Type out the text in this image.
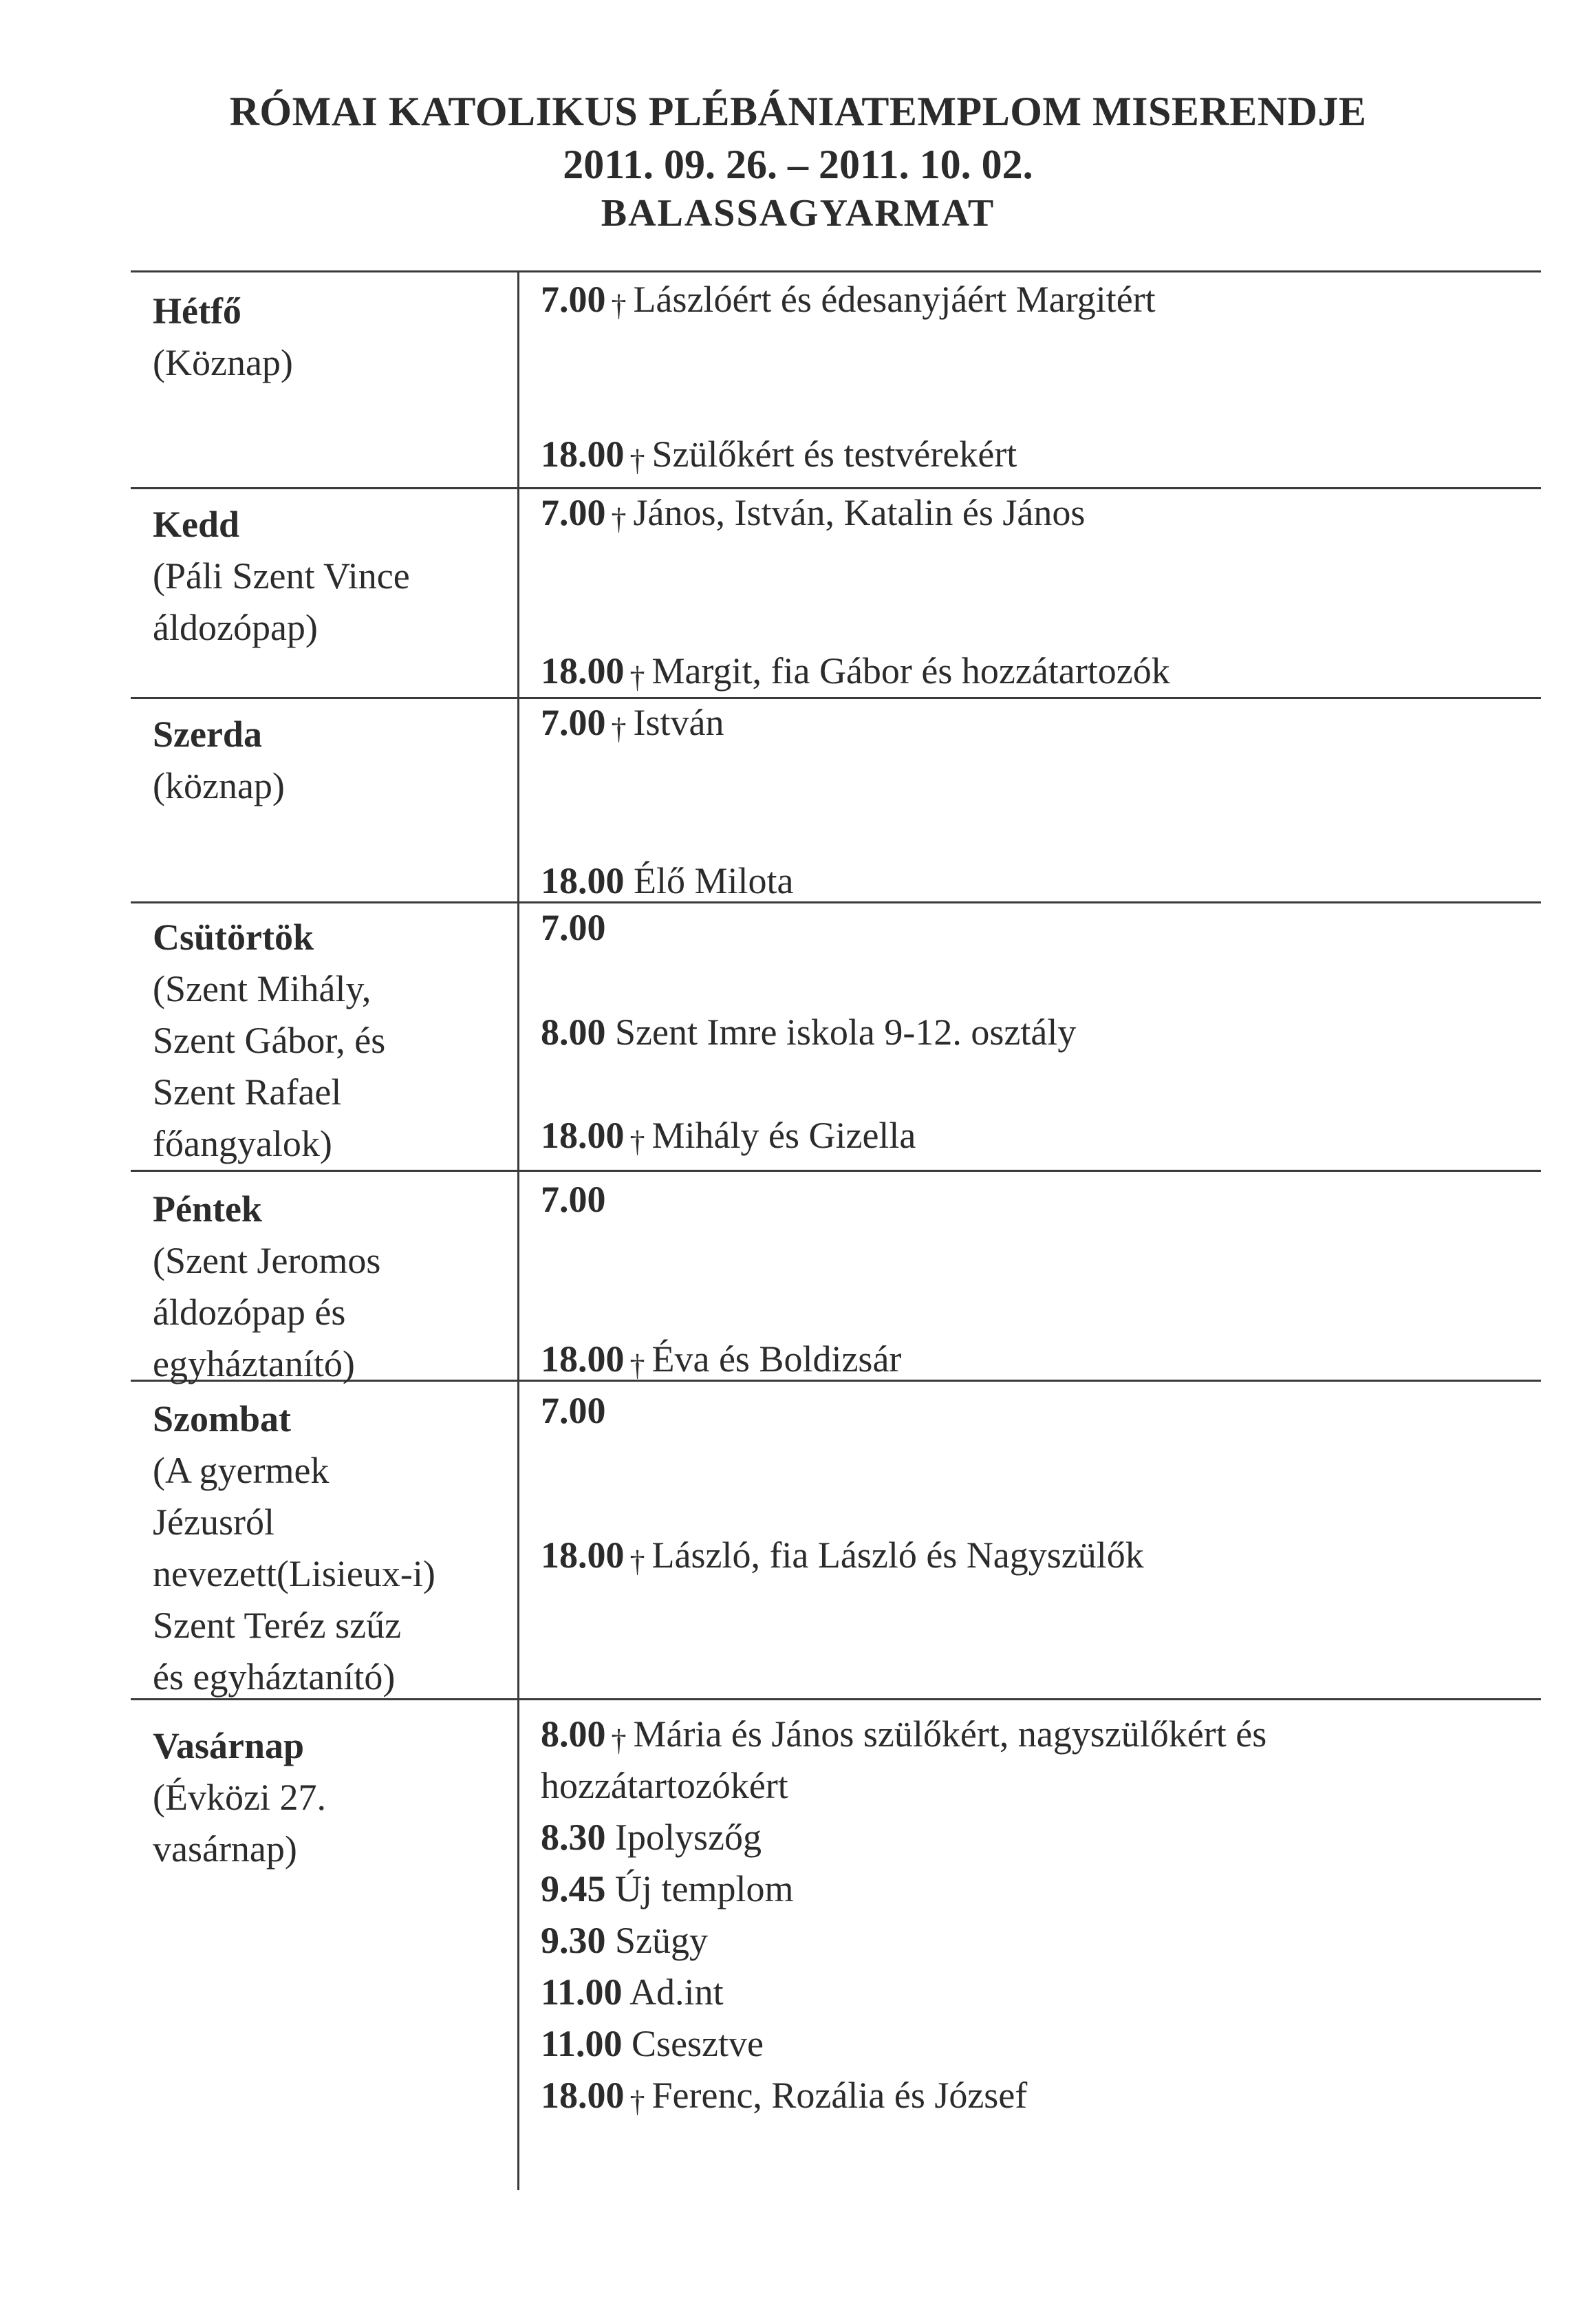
RÓMAI KATOLIKUS PLÉBÁNIATEMPLOM MISERENDJE
2011. 09. 26. – 2011. 10. 02.
BALASSAGYARMAT
Hétfő
(Köznap)
7.00 † Lászlóért és édesanyjáért Margitért
18.00 † Szülőkért és testvérekért
Kedd
(Páli Szent Vince
áldozópap)
7.00 † János, István, Katalin és János
18.00 † Margit, fia Gábor és hozzátartozók
Szerda
(köznap)
7.00 † István
18.00 Élő Milota
Csütörtök
(Szent Mihály,
Szent Gábor, és
Szent Rafael
főangyalok)
7.00
8.00 Szent Imre iskola 9-12. osztály
18.00 † Mihály és Gizella
Péntek
(Szent Jeromos
áldozópap és
egyháztanító)
7.00
18.00 † Éva és Boldizsár
Szombat
(A gyermek
Jézusról
nevezett(Lisieux-i)
Szent Teréz szűz
és egyháztanító)
7.00
18.00 † László, fia László és Nagyszülők
Vasárnap
(Évközi 27.
vasárnap)
8.00 † Mária és János szülőkért, nagyszülőkért és
hozzátartozókért
8.30 Ipolyszőg
9.45 Új templom
9.30 Szügy
11.00 Ad.int
11.00 Csesztve
18.00 † Ferenc, Rozália és József
